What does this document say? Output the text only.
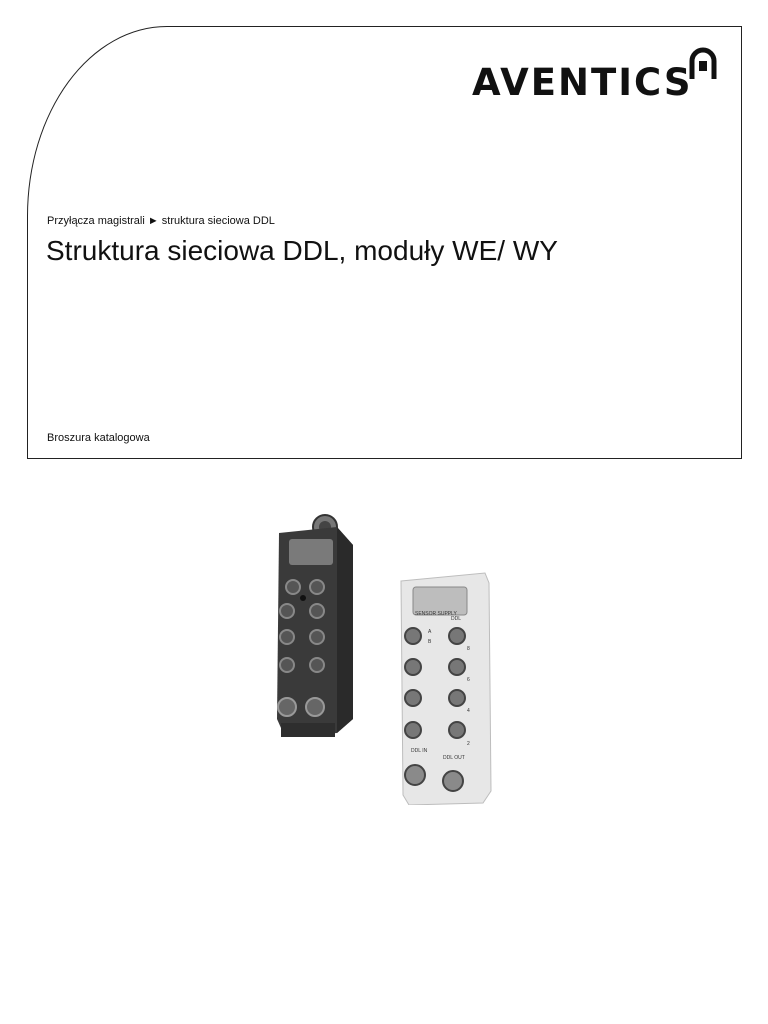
AVENTICS
Przyłącza magistrali ► struktura sieciowa DDL
Struktura sieciowa DDL, moduły WE/ WY
Broszura katalogowa
SENSOR SUPPLY
DDL
A
B
8
6
4
2
DDL IN
DDL OUT
